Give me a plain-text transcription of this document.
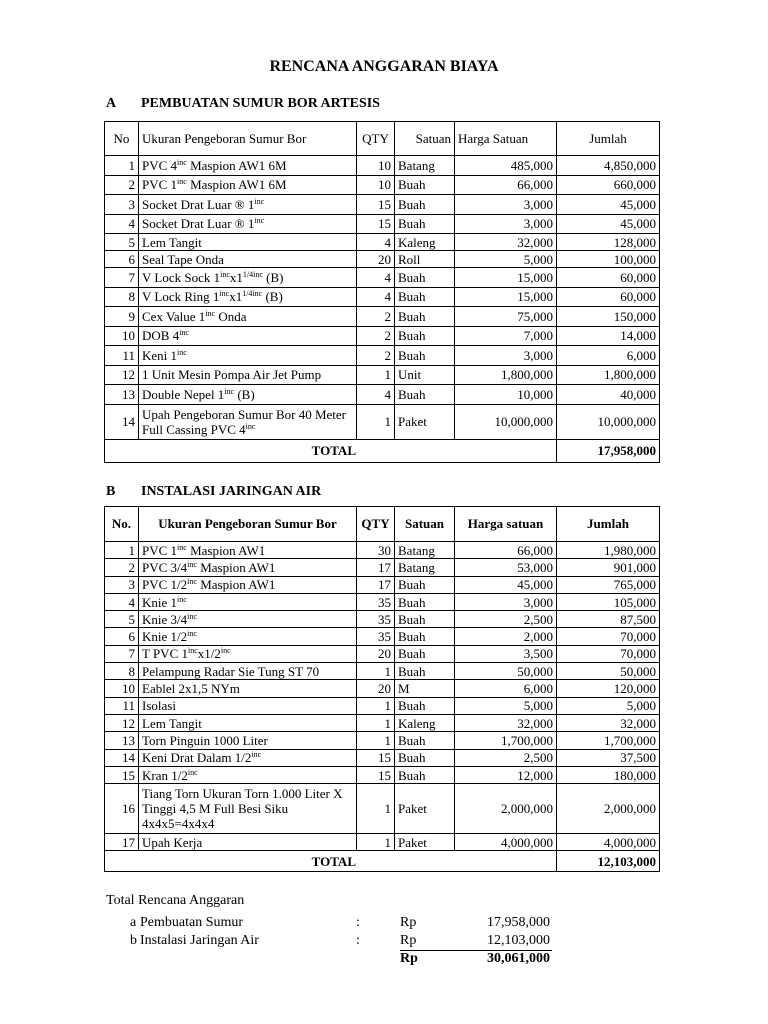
RENCANA ANGGARAN BIAYA
A PEMBUATAN SUMUR BOR ARTESIS
No	Ukuran Pengeboran Sumur Bor	QTY	Satuan	Harga Satuan	Jumlah
1	PVC $4^{inc}$ Maspion AW1 6M	10	Batang	485,000	4,850,000
2	PVC $1^{inc}$ Maspion AW1 6M	10	Buah	66,000	660,000
3	Socket Drat Luar ® $1^{inc}$	15	Buah	3,000	45,000
4	Socket Drat Luar ® $1^{inc}$	15	Buah	3,000	45,000
5	Lem Tangit	4	Kaleng	32,000	128,000
6	Seal Tape Onda	20	Roll	5,000	100,000
7	V Lock Sock $1^{inc}x1^{1/4inc}$ (B)	4	Buah	15,000	60,000
8	V Lock Ring $1^{inc}x1^{1/4inc}$ (B)	4	Buah	15,000	60,000
9	Cex Value $1^{inc}$ Onda	2	Buah	75,000	150,000
10	DOB $4^{inc}$	2	Buah	7,000	14,000
11	Keni $1^{inc}$	2	Buah	3,000	6,000
12	1 Unit Mesin Pompa Air Jet Pump	1	Unit	1,800,000	1,800,000
13	Double Nepel $1^{inc}$ (B)	4	Buah	10,000	40,000
14	Upah Pengeboran Sumur Bor 40 Meter Full Cassing PVC $4^{inc}$	1	Paket	10,000,000	10,000,000
TOTAL					17,958,000
B INSTALASI JARINGAN AIR
No.	Ukuran Pengeboran Sumur Bor	QTY	Satuan	Harga satuan	Jumlah
1	PVC $1^{inc}$ Maspion AW1	30	Batang	66,000	1,980,000
2	PVC $3/4^{inc}$ Maspion AW1	17	Batang	53,000	901,000
3	PVC $1/2^{inc}$ Maspion AW1	17	Buah	45,000	765,000
4	Knie $1^{inc}$	35	Buah	3,000	105,000
5	Knie $3/4^{inc}$	35	Buah	2,500	87,500
6	Knie $1/2^{inc}$	35	Buah	2,000	70,000
7	T PVC $1^{inc}x1/2^{inc}$	20	Buah	3,500	70,000
8	Pelampung Radar Sie Tung ST 70	1	Buah	50,000	50,000
10	Eablel 2x1,5 NYm	20	M	6,000	120,000
11	Isolasi	1	Buah	5,000	5,000
12	Lem Tangit	1	Kaleng	32,000	32,000
13	Torn Pinguin 1000 Liter	1	Buah	1,700,000	1,700,000
14	Keni Drat Dalam $1/2^{inc}$	15	Buah	2,500	37,500
15	Kran $1/2^{inc}$	15	Buah	12,000	180,000
16	Tiang Torn Ukuran Torn 1.000 Liter X Tinggi 4,5 M Full Besi Siku 4x4x5=4x4x4	1	Paket	2,000,000	2,000,000
17	Upah Kerja	1	Paket	4,000,000	4,000,000
TOTAL					12,103,000
Total Rencana Anggaran
a Pembuatan Sumur	:	Rp	17,958,000
b Instalasi Jaringan Air	:	Rp	12,103,000
Rp	30,061,000
